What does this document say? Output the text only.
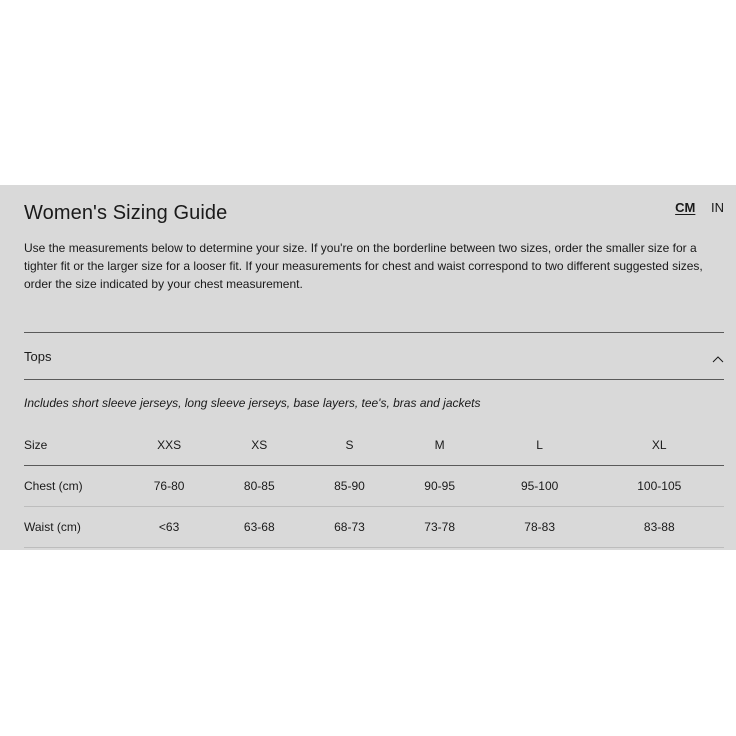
Women's Sizing Guide	CM IN
Use the measurements below to determine your size. If you're on the borderline between two sizes, order the smaller size for a tighter fit or the larger size for a looser fit. If your measurements for chest and waist correspond to two different suggested sizes, order the size indicated by your chest measurement.
Tops
Includes short sleeve jerseys, long sleeve jerseys, base layers, tee's, bras and jackets
Size	XXS	XS	S	M	L	XL
Chest (cm)	76-80	80-85	85-90	90-95	95-100	100-105
Waist (cm)	<63	63-68	68-73	73-78	78-83	83-88
